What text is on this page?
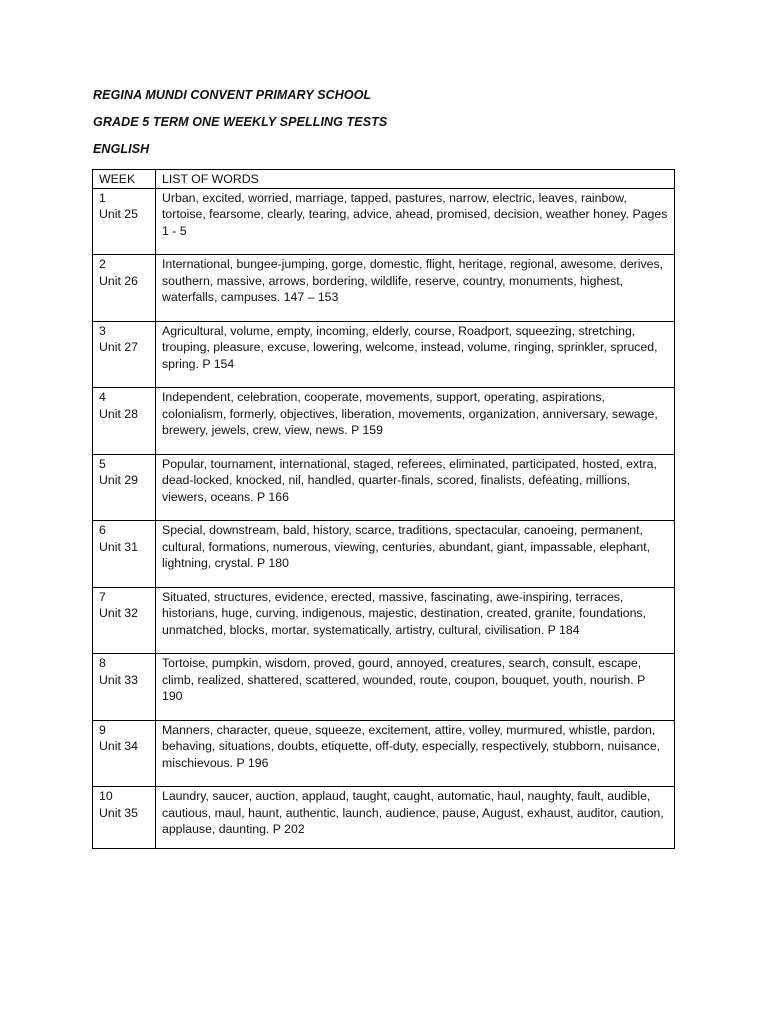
REGINA MUNDI CONVENT PRIMARY SCHOOL
GRADE 5 TERM ONE WEEKLY SPELLING TESTS
ENGLISH
WEEK	LIST OF WORDS

1
Unit 25	Urban, excited, worried, marriage, tapped, pastures, narrow, electric, leaves, rainbow, tortoise, fearsome, clearly, tearing, advice, ahead, promised, decision, weather honey. Pages 1 - 5

2
Unit 26	International, bungee-jumping, gorge, domestic, flight, heritage, regional, awesome, derives, southern, massive, arrows, bordering, wildlife, reserve, country, monuments, highest, waterfalls, campuses. 147 – 153

3
Unit 27	Agricultural, volume, empty, incoming, elderly, course, Roadport, squeezing, stretching, trouping, pleasure, excuse, lowering, welcome, instead, volume, ringing, sprinkler, spruced, spring. P 154

4
Unit 28	Independent, celebration, cooperate, movements, support, operating, aspirations, colonialism, formerly, objectives, liberation, movements, organization, anniversary, sewage, brewery, jewels, crew, view, news. P 159

5
Unit 29	Popular, tournament, international, staged, referees, eliminated, participated, hosted, extra, dead-locked, knocked, nil, handled, quarter-finals, scored, finalists, defeating, millions, viewers, oceans. P 166

6
Unit 31	Special, downstream, bald, history, scarce, traditions, spectacular, canoeing, permanent, cultural, formations, numerous, viewing, centuries, abundant, giant, impassable, elephant, lightning, crystal. P 180

7
Unit 32	Situated, structures, evidence, erected, massive, fascinating, awe-inspiring, terraces, historians, huge, curving, indigenous, majestic, destination, created, granite, foundations, unmatched, blocks, mortar, systematically, artistry, cultural, civilisation. P 184

8
Unit 33	Tortoise, pumpkin, wisdom, proved, gourd, annoyed, creatures, search, consult, escape, climb, realized, shattered, scattered, wounded, route, coupon, bouquet, youth, nourish. P 190

9
Unit 34	Manners, character, queue, squeeze, excitement, attire, volley, murmured, whistle, pardon, behaving, situations, doubts, etiquette, off-duty, especially, respectively, stubborn, nuisance, mischievous. P 196

10
Unit 35	Laundry, saucer, auction, applaud, taught, caught, automatic, haul, naughty, fault, audible, cautious, maul, haunt, authentic, launch, audience, pause, August, exhaust, auditor, caution, applause, daunting. P 202
